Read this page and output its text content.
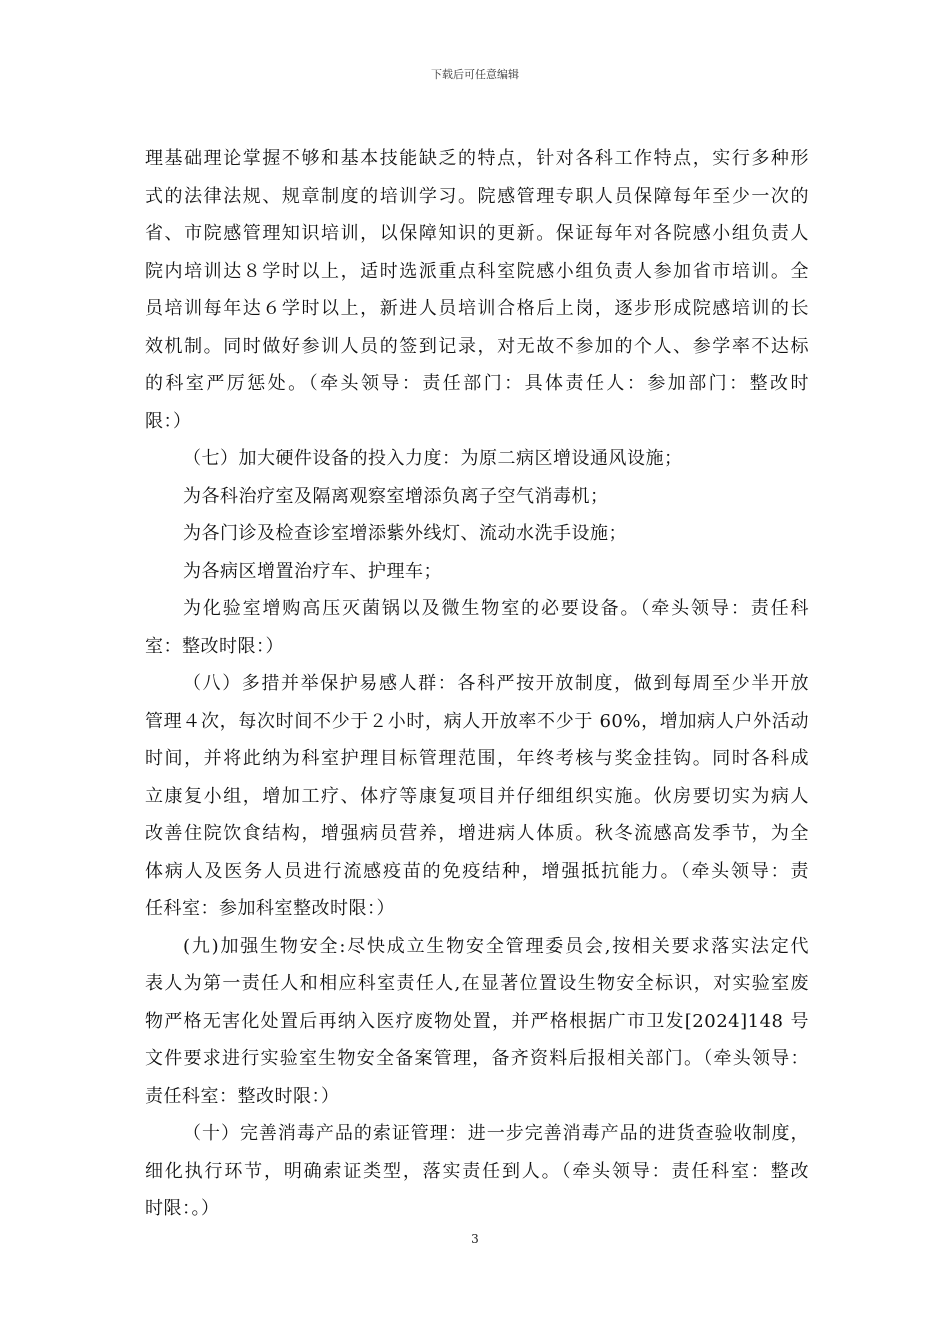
下载后可任意编辑
理基础理论掌握不够和基本技能缺乏的特点，针对各科工作特点，实行多种形
式的法律法规、规章制度的培训学习。院感管理专职人员保障每年至少一次的
省、市院感管理知识培训，以保障知识的更新。保证每年对各院感小组负责人
院内培训达８学时以上，适时选派重点科室院感小组负责人参加省市培训。全
员培训每年达６学时以上，新进人员培训合格后上岗，逐步形成院感培训的长
效机制。同时做好参训人员的签到记录，对无故不参加的个人、参学率不达标
的科室严厉惩处。（牵头领导：责任部门：具体责任人：参加部门：整改时
限：）
（七）加大硬件设备的投入力度：为原二病区增设通风设施；
为各科治疗室及隔离观察室增添负离子空气消毒机；
为各门诊及检查诊室增添紫外线灯、流动水洗手设施；
为各病区增置治疗车、护理车；
为化验室增购高压灭菌锅以及微生物室的必要设备。（牵头领导：责任科
室：整改时限：）
（八）多措并举保护易感人群：各科严按开放制度，做到每周至少半开放
管理４次，每次时间不少于２小时，病人开放率不少于 60%，增加病人户外活动
时间，并将此纳为科室护理目标管理范围，年终考核与奖金挂钩。同时各科成
立康复小组，增加工疗、体疗等康复项目并仔细组织实施。伙房要切实为病人
改善住院饮食结构，增强病员营养，增进病人体质。秋冬流感高发季节，为全
体病人及医务人员进行流感疫苗的免疫结种，增强抵抗能力。（牵头领导：责
任科室：参加科室整改时限：）
(九)加强生物安全:尽快成立生物安全管理委员会,按相关要求落实法定代
表人为第一责任人和相应科室责任人,在显著位置设生物安全标识，对实验室废
物严格无害化处置后再纳入医疗废物处置，并严格根据广市卫发[2024]148 号
文件要求进行实验室生物安全备案管理，备齐资料后报相关部门。（牵头领导：
责任科室：整改时限：）
（十）完善消毒产品的索证管理：进一步完善消毒产品的进货查验收制度，
细化执行环节，明确索证类型，落实责任到人。（牵头领导：责任科室：整改
时限：。）
3
